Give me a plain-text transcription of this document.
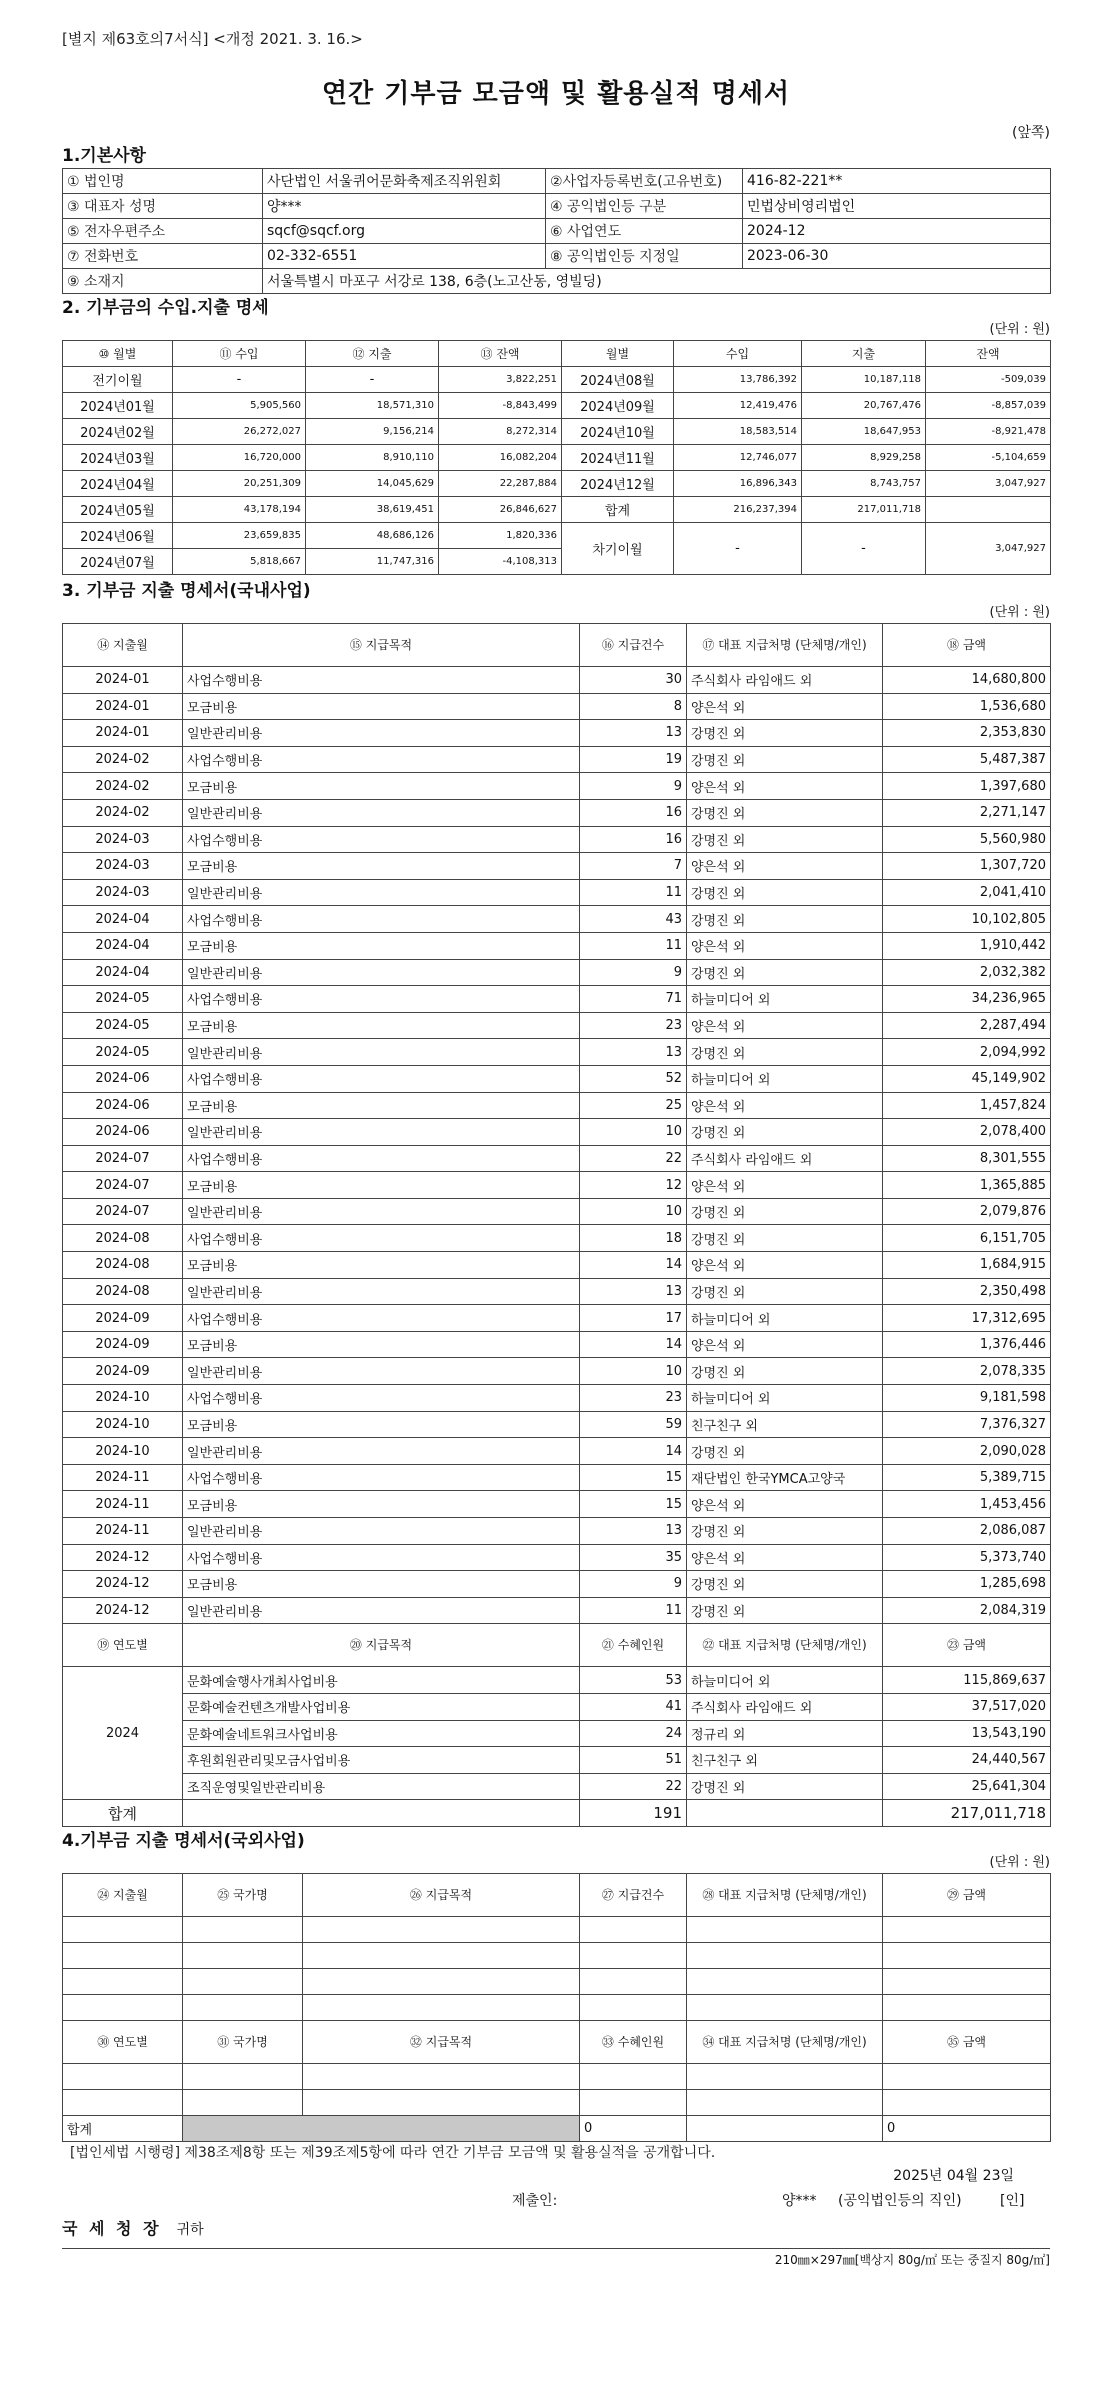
[별지 제63호의7서식] <개정 2021. 3. 16.>
연간 기부금 모금액 및 활용실적 명세서
(앞쪽)
1.기본사항
① 법인명	사단법인 서울퀴어문화축제조직위원회	②사업자등록번호(고유번호)	416-82-221**
③ 대표자 성명	양***	④ 공익법인등 구분	민법상비영리법인
⑤ 전자우편주소	sqcf@sqcf.org	⑥ 사업연도	2024-12
⑦ 전화번호	02-332-6551	⑧ 공익법인등 지정일	2023-06-30
⑨ 소재지	서울특별시 마포구 서강로 138, 6층(노고산동, 영빌딩)		
2. 기부금의 수입.지출 명세
(단위 : 원)
⑩ 월별	⑪ 수입	⑫ 지출	⑬ 잔액	월별	수입	지출	잔액
전기이월	-	-	3,822,251	2024년08월	13,786,392	10,187,118	-509,039
2024년01월	5,905,560	18,571,310	-8,843,499	2024년09월	12,419,476	20,767,476	-8,857,039
2024년02월	26,272,027	9,156,214	8,272,314	2024년10월	18,583,514	18,647,953	-8,921,478
2024년03월	16,720,000	8,910,110	16,082,204	2024년11월	12,746,077	8,929,258	-5,104,659
2024년04월	20,251,309	14,045,629	22,287,884	2024년12월	16,896,343	8,743,757	3,047,927
2024년05월	43,178,194	38,619,451	26,846,627	합계	216,237,394	217,011,718	
2024년06월	23,659,835	48,686,126	1,820,336	차기이월	-	-	3,047,927
2024년07월	5,818,667	11,747,316	-4,108,313				
3. 기부금 지출 명세서(국내사업)
(단위 : 원)
⑭ 지출월	⑮ 지급목적	⑯ 지급건수	⑰ 대표 지급처명 (단체명/개인)	⑱ 금액
2024-01	사업수행비용	30	주식회사 라임애드 외	14,680,800
2024-01	모금비용	8	양은석 외	1,536,680
2024-01	일반관리비용	13	강명진 외	2,353,830
2024-02	사업수행비용	19	강명진 외	5,487,387
2024-02	모금비용	9	양은석 외	1,397,680
2024-02	일반관리비용	16	강명진 외	2,271,147
2024-03	사업수행비용	16	강명진 외	5,560,980
2024-03	모금비용	7	양은석 외	1,307,720
2024-03	일반관리비용	11	강명진 외	2,041,410
2024-04	사업수행비용	43	강명진 외	10,102,805
2024-04	모금비용	11	양은석 외	1,910,442
2024-04	일반관리비용	9	강명진 외	2,032,382
2024-05	사업수행비용	71	하늘미디어 외	34,236,965
2024-05	모금비용	23	양은석 외	2,287,494
2024-05	일반관리비용	13	강명진 외	2,094,992
2024-06	사업수행비용	52	하늘미디어 외	45,149,902
2024-06	모금비용	25	양은석 외	1,457,824
2024-06	일반관리비용	10	강명진 외	2,078,400
2024-07	사업수행비용	22	주식회사 라임애드 외	8,301,555
2024-07	모금비용	12	양은석 외	1,365,885
2024-07	일반관리비용	10	강명진 외	2,079,876
2024-08	사업수행비용	18	강명진 외	6,151,705
2024-08	모금비용	14	양은석 외	1,684,915
2024-08	일반관리비용	13	강명진 외	2,350,498
2024-09	사업수행비용	17	하늘미디어 외	17,312,695
2024-09	모금비용	14	양은석 외	1,376,446
2024-09	일반관리비용	10	강명진 외	2,078,335
2024-10	사업수행비용	23	하늘미디어 외	9,181,598
2024-10	모금비용	59	친구친구 외	7,376,327
2024-10	일반관리비용	14	강명진 외	2,090,028
2024-11	사업수행비용	15	재단법인 한국YMCA고양국	5,389,715
2024-11	모금비용	15	양은석 외	1,453,456
2024-11	일반관리비용	13	강명진 외	2,086,087
2024-12	사업수행비용	35	양은석 외	5,373,740
2024-12	모금비용	9	강명진 외	1,285,698
2024-12	일반관리비용	11	강명진 외	2,084,319
⑲ 연도별	⑳ 지급목적	㉑ 수혜인원	㉒ 대표 지급처명 (단체명/개인)	㉓ 금액
2024	문화예술행사개최사업비용	53	하늘미디어 외	115,869,637
	문화예술컨텐츠개발사업비용	41	주식회사 라임애드 외	37,517,020
	문화예술네트워크사업비용	24	정규리 외	13,543,190
	후원회원관리및모금사업비용	51	친구친구 외	24,440,567
	조직운영및일반관리비용	22	강명진 외	25,641,304
합계		191		217,011,718
4.기부금 지출 명세서(국외사업)
(단위 : 원)
㉔ 지출월	㉕ 국가명	㉖ 지급목적	㉗ 지급건수	㉘ 대표 지급처명 (단체명/개인)	㉙ 금액

㉚ 연도별	㉛ 국가명	㉜ 지급목적	㉝ 수혜인원	㉞ 대표 지급처명 (단체명/개인)	㉟ 금액

합계			0		0
[법인세법 시행령] 제38조제8항 또는 제39조제5항에 따라 연간 기부금 모금액 및 활용실적을 공개합니다.
2025년 04월 23일
제출인:	양*** (공익법인등의 직인)	[인]
국 세 청 장 귀하
210㎜×297㎜[백상지 80g/㎡ 또는 중질지 80g/㎡]
